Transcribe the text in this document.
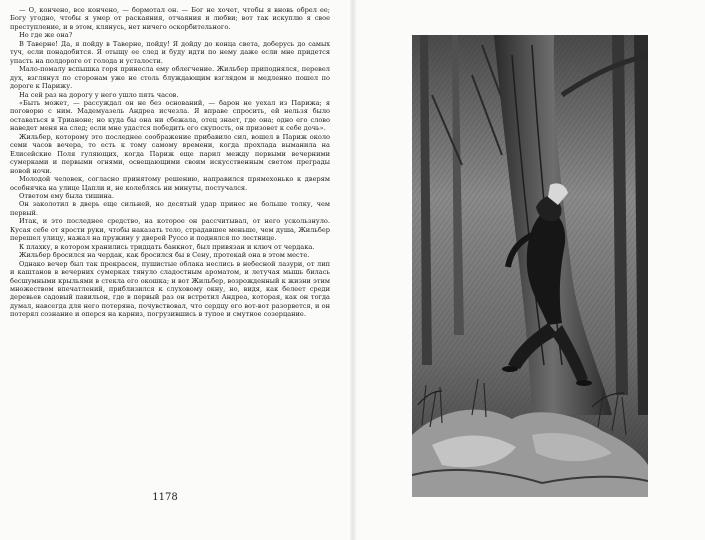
— О, кончено, все кончено, — бормотал он. — Бог не хочет, чтобы я вновь обрел ее; Богу угодно, чтобы я умер от раскаяния, отчаяния и любви; вот так искуплю я свое преступление, и в этом, клянусь, нет ничего оскорбительного.

Но где же она?

В Таверне! Да, я пойду в Таверне, пойду! Я дойду до конца света, доберусь до самых туч, если понадобится. Я отыщу ее след и буду идти по нему даже если мне придется упасть на полдороге от голода и усталости.

Мало-помалу вспышка горя принесла ему облегчение. Жильбер приподнялся, перевел дух, взглянул по сторонам уже не столь блуждающим взглядом и медленно пошел по дороге к Парижу.

На сей раз на дорогу у него ушло пять часов.

«Быть может, — рассуждал он не без оснований, — барон не уехал из Парижа; я поговорю с ним. Мадемуазель Андреа исчезла. Я вправе спросить, ей нельзя было оставаться в Трианоне; но куда бы она ни сбежала, отец знает, где она; одно его слово наведет меня на след; если мне удастся победить его скупость, он призовет к себе дочь».

Жильбер, которому это последнее соображение прибавило сил, вошел в Париж около семи часов вечера, то есть к тому самому времени, когда прохлада выманила на Елисейские Поля гуляющих, когда Париж еще парил между первыми вечерними сумерками и первыми огнями, освещающими своим искусственным светом преграды новой ночи.

Молодой человек, согласно принятому решению, направился прямехонько к дверям особнячка на улице Цапли и, не колеблясь ни минуты, постучался.

Ответом ему была тишина.

Он заколотил в дверь еще сильней, но десятый удар принес не больше толку, чем первый.

Итак, и это последнее средство, на которое он рассчитывал, от него ускользнуло. Кусая себе от ярости руки, чтобы наказать тело, страдавшее меньше, чем душа, Жильбер перешел улицу, нажал на пружину у дверей Руссо и поднялся по лестнице.

К плахку, в котором хранились тридцать банкнот, был привязан и ключ от чердака.

Жильбер бросился на чердак, как бросился бы в Сену, протекай она в этом месте.

Однако вечер был так прекрасен, пушистые облака неслись в небесной лазури, от лип и каштанов в вечерних сумерках тянуло сладостным ароматом, и летучая мышь билась бесшумными крыльями в стекла его окошка; и вот Жильбер, возрожденный к жизни этим множеством впечатлений, приблизился к слуховому окну, но, видя, как белеет среди деревьев садовый павильон, где в первый раз он встретил Андреа, которая, как он тогда думал, навсегда для него потеряна, почувствовал, что сердцу его вот-вот разорвется, и он потерял сознание и оперся на карниз, погрузившись в тупое и смутное созерцание.

1178
